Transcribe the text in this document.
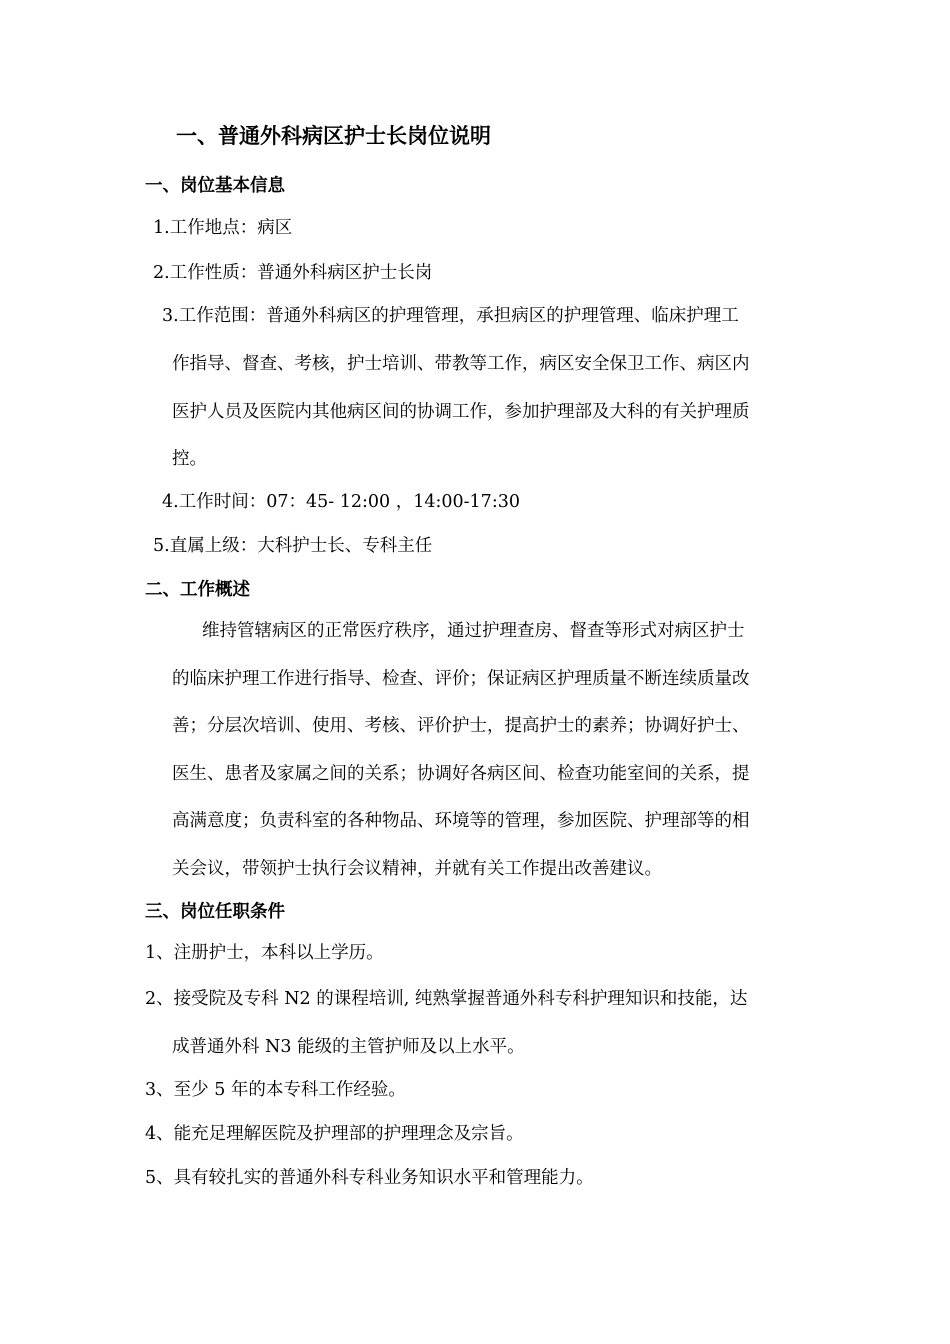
一、普通外科病区护士长岗位说明
一、岗位基本信息
1.工作地点：病区
2.工作性质：普通外科病区护士长岗
3.工作范围：普通外科病区的护理管理，承担病区的护理管理、临床护理工
作指导、督查、考核，护士培训、带教等工作，病区安全保卫工作、病区内
医护人员及医院内其他病区间的协调工作，参加护理部及大科的有关护理质
控。
4.工作时间：07：45- 12:00 ，14:00-17:30
5.直属上级：大科护士长、专科主任
二、工作概述
维持管辖病区的正常医疗秩序，通过护理查房、督查等形式对病区护士
的临床护理工作进行指导、检查、评价；保证病区护理质量不断连续质量改
善；分层次培训、使用、考核、评价护士，提高护士的素养；协调好护士、
医生、患者及家属之间的关系；协调好各病区间、检查功能室间的关系，提
高满意度；负责科室的各种物品、环境等的管理，参加医院、护理部等的相
关会议，带领护士执行会议精神，并就有关工作提出改善建议。
三、岗位任职条件
1、注册护士，本科以上学历。
2、接受院及专科 N2 的课程培训, 纯熟掌握普通外科专科护理知识和技能，达
成普通外科 N3 能级的主管护师及以上水平。
3、至少 5 年的本专科工作经验。
4、能充足理解医院及护理部的护理理念及宗旨。
5、具有较扎实的普通外科专科业务知识水平和管理能力。
